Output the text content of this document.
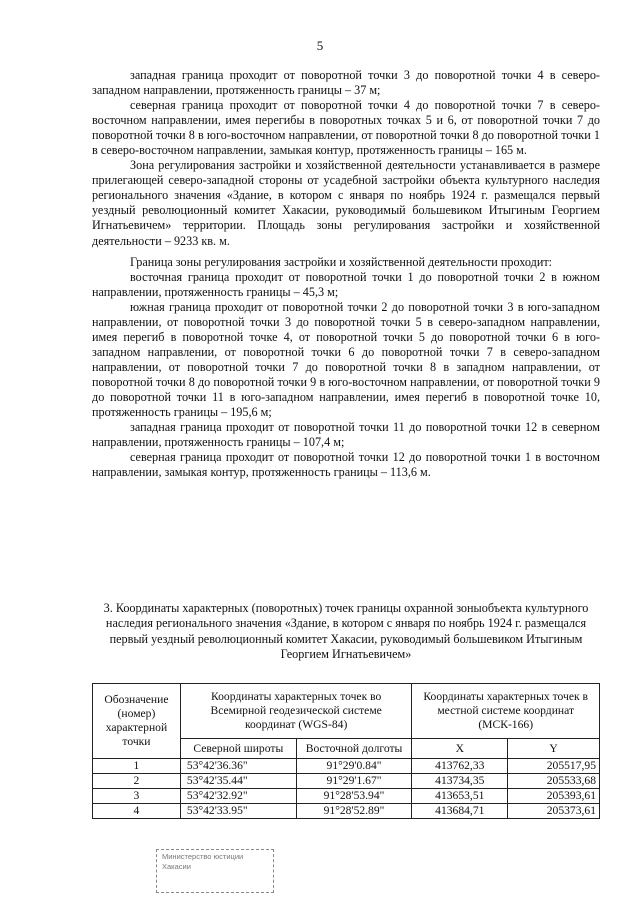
5

западная граница проходит от поворотной точки 3 до поворотной точки 4 в северо-западном направлении, протяженность границы – 37 м;

северная граница проходит от поворотной точки 4 до поворотной точки 7 в северо-восточном направлении, имея перегибы в поворотных точках 5 и 6, от поворотной точки 7 до поворотной точки 8 в юго-восточном направлении, от поворотной точки 8 до поворотной точки 1 в северо-восточном направлении, замыкая контур, протяженность границы – 165 м.

Зона регулирования застройки и хозяйственной деятельности устанавливается в размере прилегающей северо-западной стороны от усадебной застройки объекта культурного наследия регионального значения «Здание, в котором с января по ноябрь 1924 г. размещался первый уездный революционный комитет Хакасии, руководимый большевиком Итыгиным Георгием Игнатьевичем» территории. Площадь зоны регулирования застройки и хозяйственной деятельности – 9233 кв. м.

Граница зоны регулирования застройки и хозяйственной деятельности проходит:

восточная граница проходит от поворотной точки 1 до поворотной точки 2 в южном направлении, протяженность границы – 45,3 м;

южная граница проходит от поворотной точки 2 до поворотной точки 3 в юго-западном направлении, от поворотной точки 3 до поворотной точки 5 в северо-западном направлении, имея перегиб в поворотной точке 4, от поворотной точки 5 до поворотной точки 6 в юго-западном направлении, от поворотной точки 6 до поворотной точки 7 в северо-западном направлении, от поворотной точки 7 до поворотной точки 8 в западном направлении, от поворотной точки 8 до поворотной точки 9 в юго-восточном направлении, от поворотной точки 9 до поворотной точки 11 в юго-западном направлении, имея перегиб в поворотной точке 10, протяженность границы – 195,6 м;

западная граница проходит от поворотной точки 11 до поворотной точки 12 в северном направлении, протяженность границы – 107,4 м;

северная граница проходит от поворотной точки 12 до поворотной точки 1 в восточном направлении, замыкая контур, протяженность границы – 113,6 м.

3. Координаты характерных (поворотных) точек границы охранной зоныобъекта культурного наследия регионального значения «Здание, в котором с января по ноябрь 1924 г. размещался первый уездный революционный комитет Хакасии, руководимый большевиком Итыгиным Георгием Игнатьевичем»
Обозначение (номер) характерной точки	Координаты характерных точек во Всемирной геодезической системе координат (WGS-84)		Координаты характерных точек в местной системе координат (МСК-166)	
	Северной широты	Восточной долготы	X	Y
1	53°42'36.36"	91°29'0.84"	413762,33	205517,95
2	53°42'35.44"	91°29'1.67"	413734,35	205533,68
3	53°42'32.92"	91°28'53.94"	413653,51	205393,61
4	53°42'33.95"	91°28'52.89"	413684,71	205373,61
Министерство юстиции Хакасии
